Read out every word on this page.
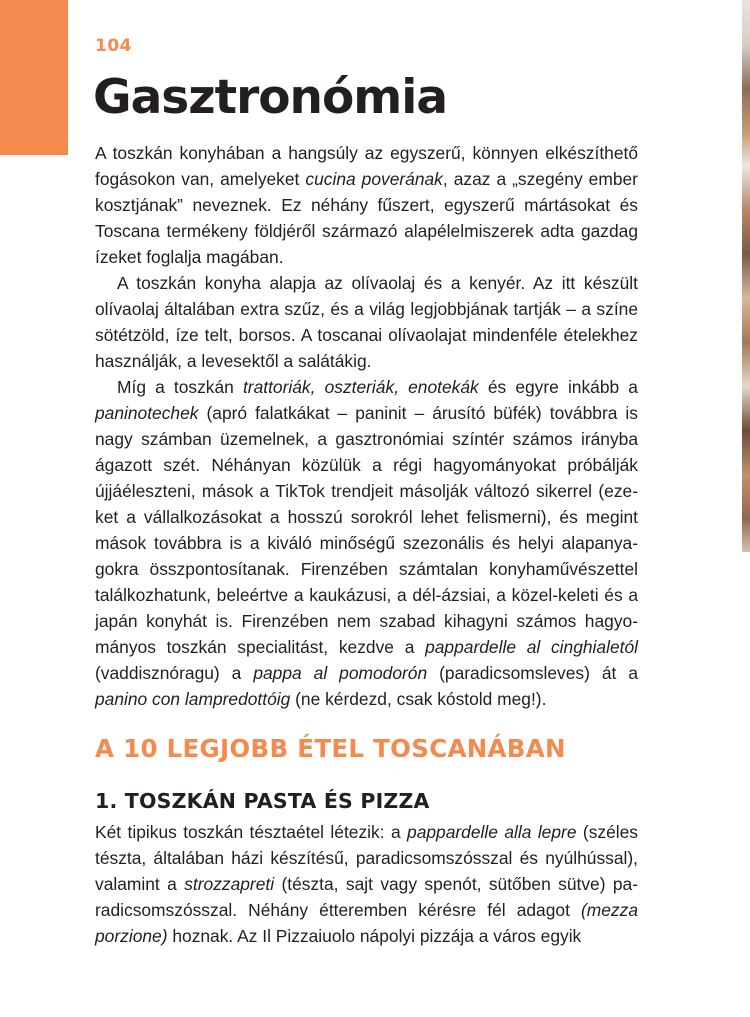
104
Gasztronómia

A toszkán konyhában a hangsúly az egyszerű, könnyen elkészíthető fogásokon van, amelyeket cucina poverának, azaz a „szegény ember kosztjának” neveznek. Ez néhány fűszert, egyszerű mártásokat és Toscana termékeny földjéről származó alapélelmiszerek adta gazdag ízeket foglalja magában.

A toszkán konyha alapja az olívaolaj és a kenyér. Az itt készült olívaolaj általában extra szűz, és a világ legjobbjának tartják – a színe sötétzöld, íze telt, borsos. A toscanai olívaolajat mindenféle ételekhez használják, a levesektől a salátákig.

Míg a toszkán trattoriák, oszteriák, enotekák és egyre inkább a paninotechek (apró falatkákat – paninit – árusító büfék) továbbra is nagy számban üzemelnek, a gasztronómiai színtér számos irányba ágazott szét. Néhányan közülük a régi hagyományokat próbálják újjáéleszteni, mások a TikTok trendjeit másolják változó sikerrel (ezeket a vállalkozásokat a hosszú sorokról lehet felismerni), és megint mások továbbra is a kiváló minőségű szezonális és helyi alapanyagokra összpontosítanak. Firenzében számtalan konyhaművészettel találkozhatunk, beleértve a kaukázusi, a dél-ázsiai, a közel-keleti és a japán konyhát is. Firenzében nem szabad kihagyni számos hagyományos toszkán specialitást, kezdve a pappardelle al cinghialetól (vaddisznóragu) a pappa al pomodorón (paradicsomsleves) át a panino con lampredottóig (ne kérdezd, csak kóstold meg!).

A 10 LEGJOBB ÉTEL TOSCANÁBAN
1. TOSZKÁN PASTA ÉS PIZZA

Két tipikus toszkán tésztaétel létezik: a pappardelle alla lepre (széles tészta, általában házi készítésű, paradicsomszósszal és nyúlhússal), valamint a strozzapreti (tészta, sajt vagy spenót, sütőben sütve) paradicsomszósszal. Néhány étteremben kérésre fél adagot (mezza porzione) hoznak. Az Il Pizzaiuolo nápolyi pizzája a város egyik
